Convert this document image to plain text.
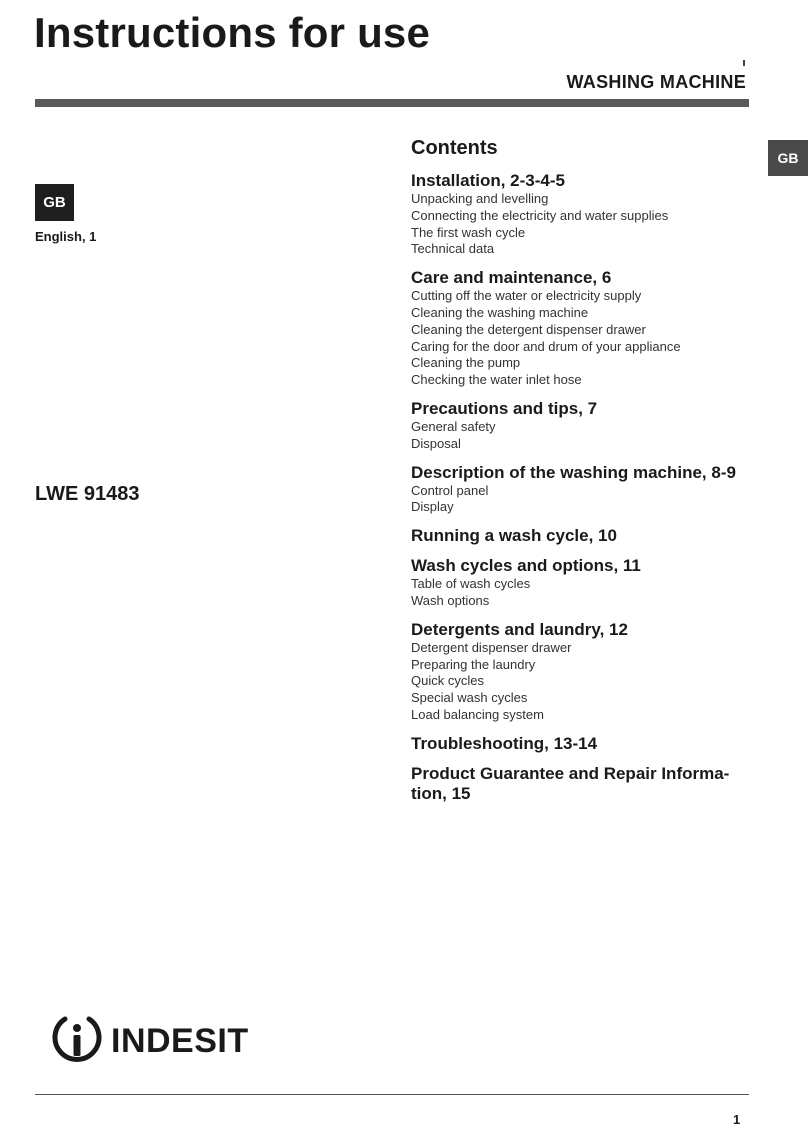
Instructions for use
WASHING MACHINE
GB
GB
English, 1
LWE 91483
Contents
Installation, 2-3-4-5
Unpacking and levelling
Connecting the electricity and water supplies
The first wash cycle
Technical data
Care and maintenance, 6
Cutting off the water or electricity supply
Cleaning the washing machine
Cleaning the detergent dispenser drawer
Caring for the door and drum of your appliance
Cleaning the pump
Checking the water inlet hose
Precautions and tips, 7
General safety
Disposal
Description of the washing machine, 8-9
Control panel
Display
Running a wash cycle, 10
Wash cycles and options, 11
Table of wash cycles
Wash options
Detergents and laundry, 12
Detergent dispenser drawer
Preparing the laundry
Quick cycles
Special wash cycles
Load balancing system
Troubleshooting, 13-14
Product Guarantee and Repair Informa-
tion, 15
INDESIT
1
